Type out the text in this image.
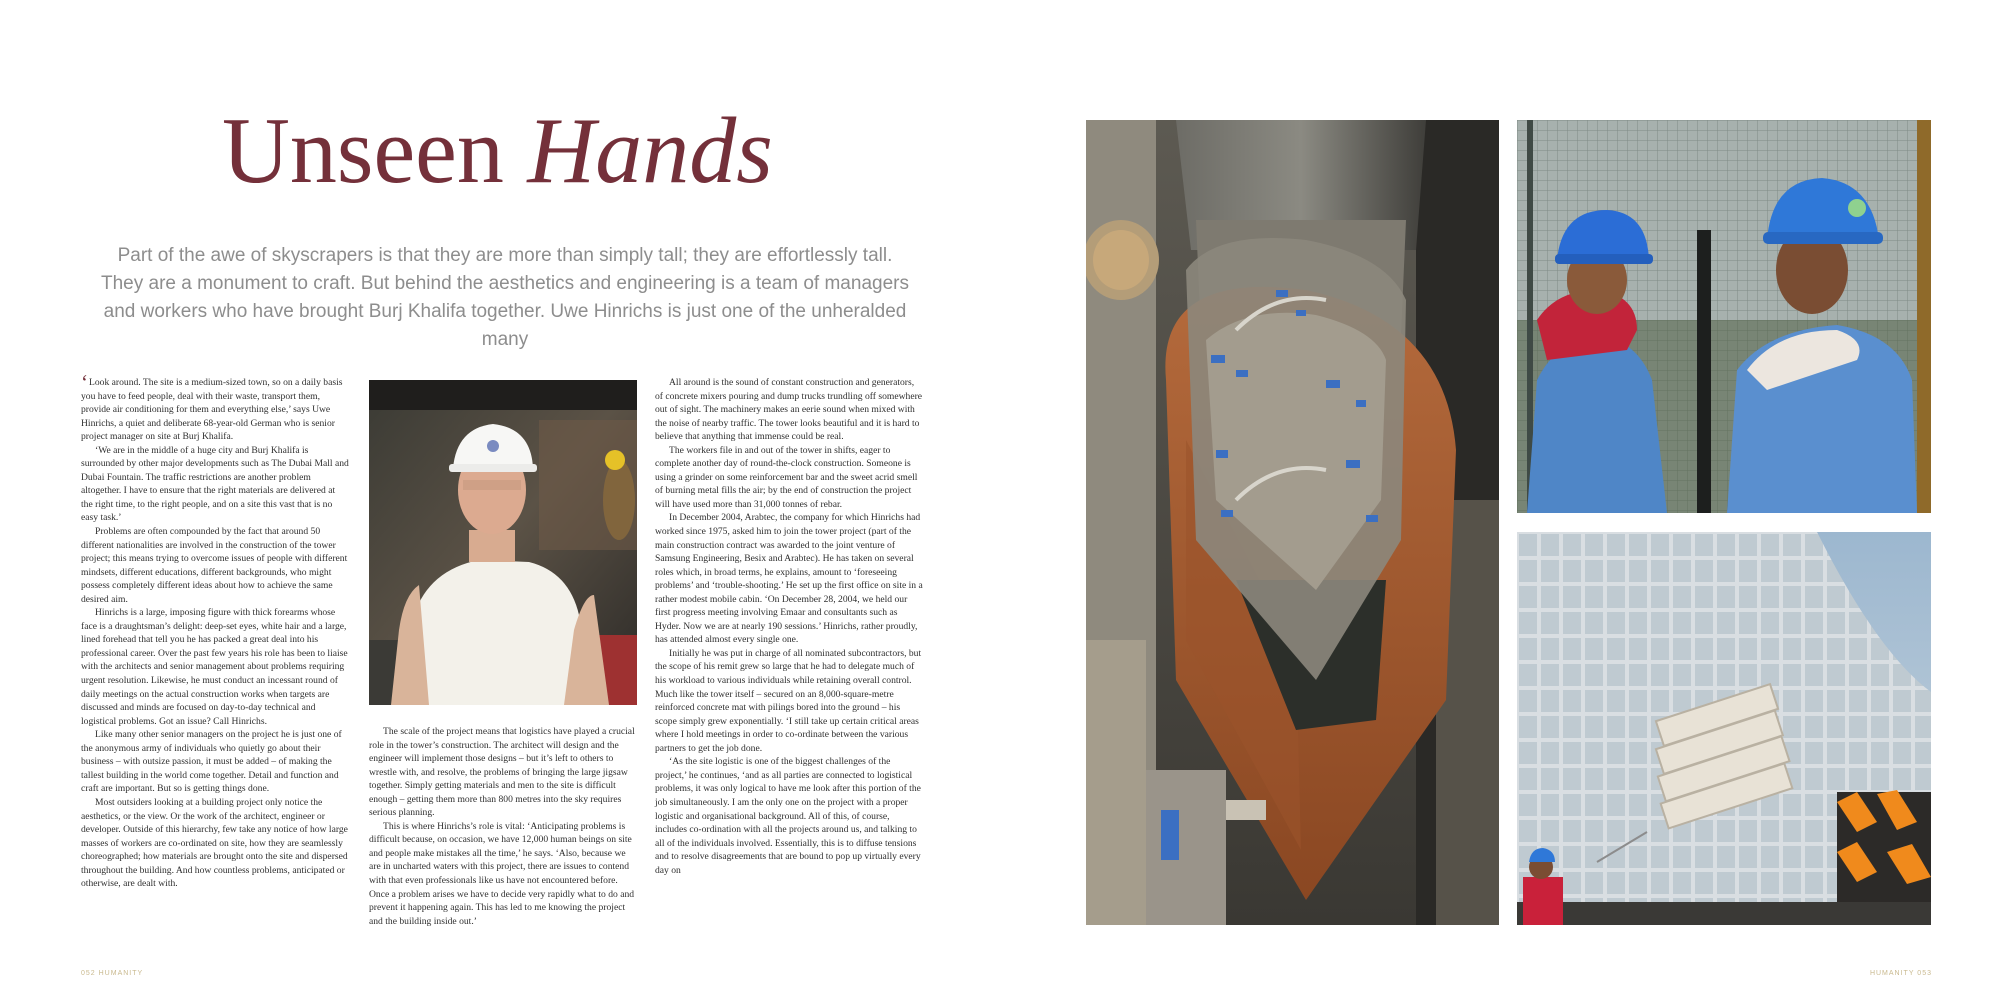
Unseen Hands

Part of the awe of skyscrapers is that they are more than simply tall; they are effortlessly tall. They are a monument to craft. But behind the aesthetics and engineering is a team of managers and workers who have brought Burj Khalifa together. Uwe Hinrichs is just one of the unheralded many

‘Look around. The site is a medium-sized town, so on a daily basis you have to feed people, deal with their waste, transport them, provide air conditioning for them and everything else,’ says Uwe Hinrichs, a quiet and deliberate 68-year-old German who is senior project manager on site at Burj Khalifa.

‘We are in the middle of a huge city and Burj Khalifa is surrounded by other major developments such as The Dubai Mall and Dubai Fountain. The traffic restrictions are another problem altogether. I have to ensure that the right materials are delivered at the right time, to the right people, and on a site this vast that is no easy task.’

Problems are often compounded by the fact that around 50 different nationalities are involved in the construction of the tower project; this means trying to overcome issues of people with different mindsets, different educations, different backgrounds, who might possess completely different ideas about how to achieve the same desired aim.

Hinrichs is a large, imposing figure with thick forearms whose face is a draughtsman’s delight: deep-set eyes, white hair and a large, lined forehead that tell you he has packed a great deal into his professional career. Over the past few years his role has been to liaise with the architects and senior management about problems requiring urgent resolution. Likewise, he must conduct an incessant round of daily meetings on the actual construction works when targets are discussed and minds are focused on day-to-day technical and logistical problems. Got an issue? Call Hinrichs.

Like many other senior managers on the project he is just one of the anonymous army of individuals who quietly go about their business – with outsize passion, it must be added – of making the tallest building in the world come together. Detail and function and craft are important. But so is getting things done.

Most outsiders looking at a building project only notice the aesthetics, or the view. Or the work of the architect, engineer or developer. Outside of this hierarchy, few take any notice of how large masses of workers are co-ordinated on site, how they are seamlessly choreographed; how materials are brought onto the site and dispersed throughout the building. And how countless problems, anticipated or otherwise, are dealt with.

The scale of the project means that logistics have played a crucial role in the tower’s construction. The architect will design and the engineer will implement those designs – but it’s left to others to wrestle with, and resolve, the problems of bringing the large jigsaw together. Simply getting materials and men to the site is difficult enough – getting them more than 800 metres into the sky requires serious planning.

This is where Hinrichs’s role is vital: ‘Anticipating problems is difficult because, on occasion, we have 12,000 human beings on site and people make mistakes all the time,’ he says. ‘Also, because we are in uncharted waters with this project, there are issues to contend with that even professionals like us have not encountered before. Once a problem arises we have to decide very rapidly what to do and prevent it happening again. This has led to me knowing the project and the building inside out.’

All around is the sound of constant construction and generators, of concrete mixers pouring and dump trucks trundling off somewhere out of sight. The machinery makes an eerie sound when mixed with the noise of nearby traffic. The tower looks beautiful and it is hard to believe that anything that immense could be real.

The workers file in and out of the tower in shifts, eager to complete another day of round-the-clock construction. Someone is using a grinder on some reinforcement bar and the sweet acrid smell of burning metal fills the air; by the end of construction the project will have used more than 31,000 tonnes of rebar.

In December 2004, Arabtec, the company for which Hinrichs had worked since 1975, asked him to join the tower project (part of the main construction contract was awarded to the joint venture of Samsung Engineering, Besix and Arabtec). He has taken on several roles which, in broad terms, he explains, amount to ‘foreseeing problems’ and ‘trouble-shooting.’ He set up the first office on site in a rather modest mobile cabin. ‘On December 28, 2004, we held our first progress meeting involving Emaar and consultants such as Hyder. Now we are at nearly 190 sessions.’ Hinrichs, rather proudly, has attended almost every single one.

Initially he was put in charge of all nominated subcontractors, but the scope of his remit grew so large that he had to delegate much of his workload to various individuals while retaining overall control. Much like the tower itself – secured on an 8,000-square-metre reinforced concrete mat with pilings bored into the ground – his scope simply grew exponentially. ‘I still take up certain critical areas where I hold meetings in order to co-ordinate between the various partners to get the job done.

‘As the site logistic is one of the biggest challenges of the project,’ he continues, ‘and as all parties are connected to logistical problems, it was only logical to have me look after this portion of the job simultaneously. I am the only one on the project with a proper logistic and organisational background. All of this, of course, includes co-ordination with all the projects around us, and talking to all of the individuals involved. Essentially, this is to diffuse tensions and to resolve disagreements that are bound to pop up virtually every day on

052 HUMANITY	HUMANITY 053
